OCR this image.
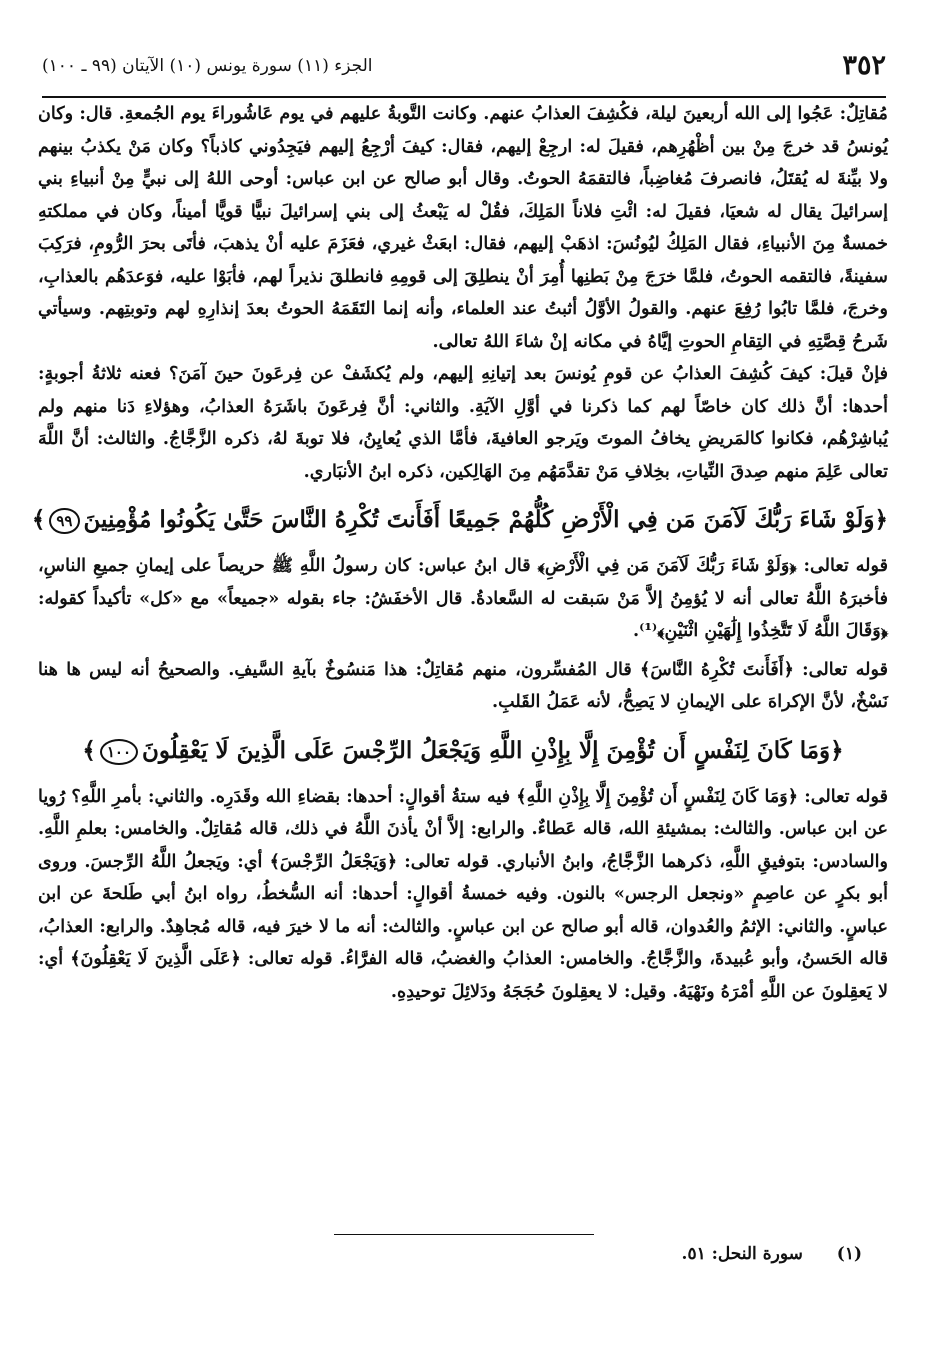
٣٥٢
الجزء (١١) سورة يونس (١٠) الآيتان (٩٩ ـ ١٠٠)

مُقاتِلٌ: عَجُوا إلى الله أربعينَ ليلة، فكُشِفَ العذابُ عنهم. وكانت التَّوبةُ عليهم في يوم عَاشُوراءَ يوم الجُمعةِ. قال: وكان يُونسُ قد خرجَ مِنْ بين أظْهُرِهم، فقيلَ له: ارجِعْ إليهم، فقال: كيفَ أرْجِعُ إليهم فيَجِدُوني كاذباً؟ وكان مَنْ يكذبُ بينهم ولا بيِّنةَ له يُقتَلُ، فانصرفَ مُغاضِباً، فالتقمَهُ الحوتُ. وقال أبو صالح عن ابن عباس: أوحى اللهُ إلى نبيٍّ مِنْ أنبياءِ بني إسرائيلَ يقال له شعيَا، فقيلَ له: ائْتِ فلاناً المَلِكَ، فقُلْ له يَبْعثُ إلى بني إسرائيلَ نبيًّا قويًّا أميناً، وكان في مملكتهِ خمسةٌ مِنَ الأنبياءِ، فقال المَلِكُ ليُونُسَ: اذهَبْ إليهم، فقال: ابعَثْ غيري، فعَزَمَ عليه أنْ يذهبَ، فأتَى بحرَ الرُّومِ، فرَكِبَ سفينةً، فالتقمه الحوتُ، فلمَّا خرَجَ مِنْ بَطنِها أُمِرَ أنْ ينطلِقَ إلى قومِهِ فانطلقَ نذيراً لهم، فأبَوْا عليه، فوَعدَهُم بالعذابِ، وخرجَ، فلمَّا تابُوا رُفِعَ عنهم. والقولُ الأوَّلُ أثبتُ عند العلماء، وأنه إنما التَقَمَهُ الحوتُ بعدَ إنذارِهِ لهم وتوبتِهم. وسيأتي شَرحُ قِصَّتِهِ في التِقامِ الحوتِ إيَّاهُ في مكانه إنْ شاءَ اللهُ تعالى.

فإنْ قيلَ: كيفَ كُشِفَ العذابُ عن قومِ يُونسَ بعد إتيانِهِ إليهم، ولم يُكشَفْ عن فِرعَونَ حينَ آمَنَ؟ فعنه ثلاثةُ أجوبةٍ: أحدها: أنَّ ذلك كان خاصّاً لهم كما ذكرنا في أوَّلِ الآيَةِ. والثاني: أنَّ فِرعَونَ باشَرَهُ العذابُ، وهؤلاءِ دَنا منهم ولم يُباشِرْهُم، فكانوا كالمَريضِ يخافُ الموتَ ويَرجو العافيةَ، فأمَّا الذي يُعايِنُ، فلا توبةَ لهُ، ذكره الزَّجَّاجُ. والثالث: أنَّ اللَّهَ تعالى عَلِمَ منهم صِدقَ النِّياتِ، بخِلافِ مَنْ تقدَّمَهُم مِنَ الهَالِكين، ذكره ابنُ الأنبَاري.

﴿وَلَوْ شَاءَ رَبُّكَ لَآمَنَ مَن فِي الْأَرْضِ كُلُّهُمْ جَمِيعًا أَفَأَنتَ تُكْرِهُ النَّاسَ حَتَّىٰ يَكُونُوا مُؤْمِنِينَ٩٩﴾

قوله تعالى: ﴿وَلَوْ شَاءَ رَبُّكَ لَآمَنَ مَن فِي الْأَرْضِ﴾ قال ابنُ عباس: كان رسولُ اللَّهِ ﷺ حريصاً على إيمانِ جميعِ الناسِ، فأخبرَهُ اللَّهُ تعالى أنه لا يُؤمِنُ إلاَّ مَنْ سَبقت له السَّعادةُ. قال الأخفَشُ: جاء بقوله «جميعاً» مع «كل» تأكيداً كقوله: ﴿وَقَالَ اللَّهُ لَا تَتَّخِذُوا إِلَٰهَيْنِ اثْنَيْنِ﴾⁽¹⁾.

قوله تعالى: ﴿أَفَأَنتَ تُكْرِهُ النَّاسَ﴾ قال المُفسِّرون، منهم مُقاتِلٌ: هذا مَنسُوخٌ بآيةِ السَّيفِ. والصحيحُ أنه ليس ها هنا نَسْخٌ، لأنَّ الإكراهَ على الإيمانِ لا يَصِحُّ، لأنه عَمَلُ القَلبِ.

﴿وَمَا كَانَ لِنَفْسٍ أَن تُؤْمِنَ إِلَّا بِإِذْنِ اللَّهِ وَيَجْعَلُ الرِّجْسَ عَلَى الَّذِينَ لَا يَعْقِلُونَ١٠٠﴾

قوله تعالى: ﴿وَمَا كَانَ لِنَفْسٍ أَن تُؤْمِنَ إِلَّا بِإِذْنِ اللَّهِ﴾ فيه ستةُ أقوالٍ: أحدها: بقضاءِ الله وقَدَرِه. والثاني: بأمرِ اللَّهِ؟ رُويا عن ابن عباس. والثالث: بمشيئةِ الله، قاله عَطاءٌ. والرابع: إلاَّ أنْ يأذنَ اللَّهُ في ذلك، قاله مُقاتِلٌ. والخامس: بعلمِ اللَّهِ. والسادس: بتوفيقِ اللَّهِ، ذكرهما الزَّجَّاجُ، وابنُ الأنباري. قوله تعالى: ﴿وَيَجْعَلُ الرِّجْسَ﴾ أي: ويَجعلُ اللَّهُ الرِّجسَ. وروى أبو بكرٍ عن عاصِمٍ «ونجعل الرجس» بالنون. وفيه خمسةُ أقوالٍ: أحدها: أنه السُّخطُ، رواه ابنُ أبي طَلحةَ عن ابن عباسٍ. والثاني: الإثمُ والعُدوان، قاله أبو صالح عن ابن عباسٍ. والثالث: أنه ما لا خيرَ فيه، قاله مُجاهِدٌ. والرابع: العذابُ، قاله الحَسنُ، وأبو عُبيدةَ، والزَّجَّاجُ. والخامس: العذابُ والغضبُ، قاله الفرَّاءُ. قوله تعالى: ﴿عَلَى الَّذِينَ لَا يَعْقِلُونَ﴾ أي: لا يَعقِلونَ عن اللَّهِ أمْرَهُ ونَهْيَهُ. وقيل: لا يعقِلونَ حُجَجَهُ ودَلائِلَ توحيدِهِ.

(١) سورة النحل: ٥١.
